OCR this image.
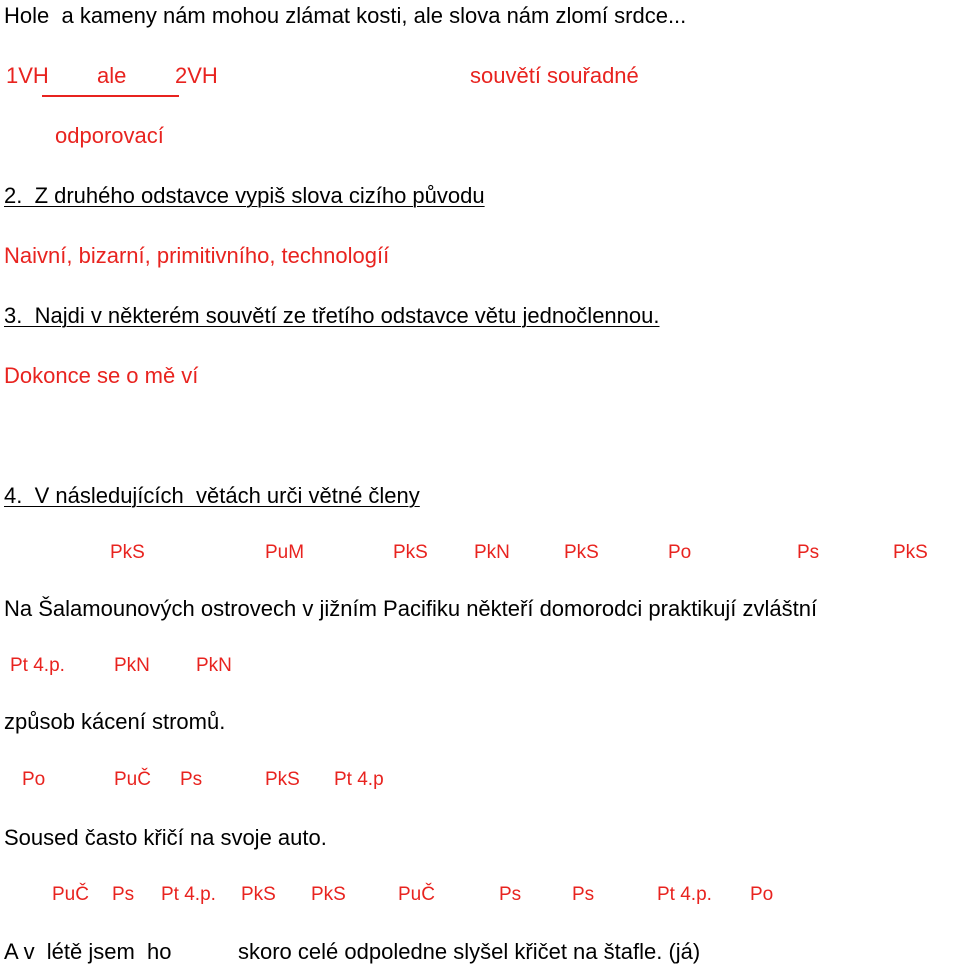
Hole  a kameny nám mohou zlámat kosti, ale slova nám zlomí srdce...
1VH ale 2VH	souvětí souřadné
odporovací
2.  Z druhého odstavce vypiš slova cizího původu
Naivní, bizarní, primitivního, technologíí
3.  Najdi v některém souvětí ze třetího odstavce větu jednočlennou.
Dokonce se o mě ví
4.  V následujících  větách urči větné členy
PkS	PuM	PkS PkN	PkS	Po	Ps	PkS
Na Šalamounových ostrovech v jižním Pacifiku někteří domorodci praktikují zvláštní
Pt 4.p.	PkN PkN
způsob kácení stromů.
Po	PuČ Ps	PkS Pt 4.p
Soused často křičí na svoje auto.
PuČ Ps Pt 4.p. PkS PkS	PuČ	Ps	Ps	Pt 4.p. Po
A v  létě jsem  ho	skoro celé odpoledne slyšel křičet na štafle. (já)
